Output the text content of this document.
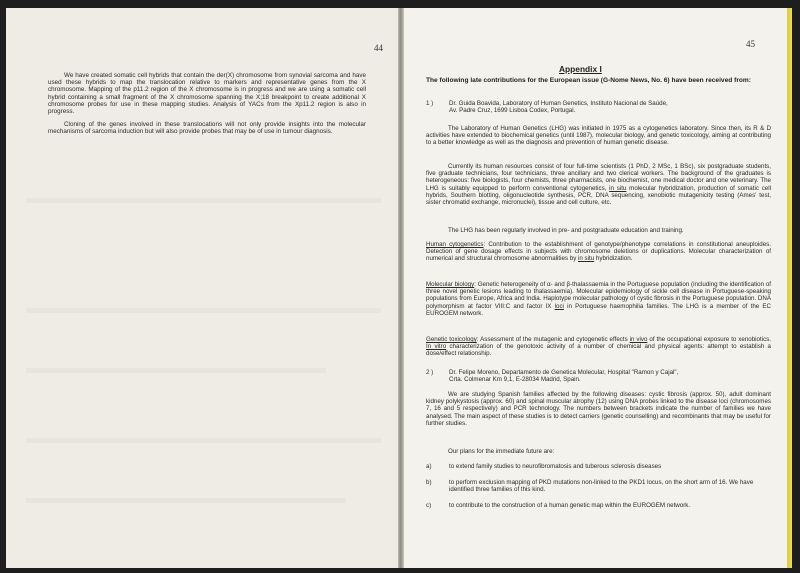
44

We have created somatic cell hybrids that contain the der(X) chromosome from synovial sarcoma and have used these hybrids to map the translocation relative to markers and representative genes from the X chromosome. Mapping of the p11.2 region of the X chromosome is in progress and we are using a somatic cell hybrid containing a small fragment of the X chromosome spanning the X;18 breakpoint to create additional X chromosome probes for use in these mapping studies. Analysis of YACs from the Xp11.2 region is also in progress.

Cloning of the genes involved in these translocations will not only provide insights into the molecular mechanisms of sarcoma induction but will also provide probes that may be of use in tumour diagnosis.

45
Appendix I
The following late contributions for the European issue (G-Nome News, No. 6) have been received from:
1 )	Dr. Guida Boavida, Laboratory of Human Genetics, Instituto Nacional de Saúde,
Av. Padre Cruz, 1699 Lisboa Codex, Portugal.
The Laboratory of Human Genetics (LHG) was initiated in 1975 as a cytogenetics laboratory. Since then, its R & D activities have extended to biochemical genetics (until 1987), molecular biology, and genetic toxicology, aiming at contributing to a better knowledge as well as the diagnosis and prevention of human genetic disease.
Currently its human resources consist of four full-time scientists (1 PhD, 2 MSc, 1 BSc), six postgraduate students, five graduate technicians, four technicians, three ancillary and two clerical workers. The background of the graduates is heterogeneous: five biologists, four chemists, three pharmacists, one biochemist, one medical doctor and one veterinary. The LHG is suitably equipped to perform conventional cytogenetics, in situ molecular hybridization, production of somatic cell hybrids, Southern blotting, oligonucleotide synthesis, PCR, DNA sequencing, xenobiotic mutagenicity testing (Ames' test, sister chromatid exchange, micronuclei), tissue and cell culture, etc.
The LHG has been regularly involved in pre- and postgraduate education and training.
Human cytogenetics: Contribution to the establishment of genotype/phenotype correlations in constitutional aneuploides. Detection of gene dosage effects in subjects with chromosome deletions or duplications. Molecular characterization of numerical and structural chromosome abnormalities by in situ hybridization.
Molecular biology: Genetic heterogeneity of α- and β-thalassaemia in the Portuguese population (including the identification of three novel genetic lesions leading to thalassaemia). Molecular epidemiology of sickle cell disease in Portuguese-speaking populations from Europe, Africa and India. Haplotype molecular pathology of cystic fibrosis in the Portuguese population. DNA polymorphism at factor VIII:C and factor IX loci in Portuguese haemophilia families. The LHG is a member of the EC EUROGEM network.
Genetic toxicology: Assessment of the mutagenic and cytogenetic effects in vivo of the occupational exposure to xenobiotics. In vitro characterization of the genotoxic activity of a number of chemical and physical agents: attempt to establish a dose/effect relationship.
2 )	Dr. Felipe Moreno, Departamento de Genetica Molecular, Hospital "Ramon y Cajal",
Crta. Colmenar Km 9,1, E-28034 Madrid, Spain.
We are studying Spanish families affected by the following diseases: cystic fibrosis (approx. 50), adult dominant kidney polykystosis (approx. 60) and spinal muscular atrophy (12) using DNA probes linked to the disease loci (chromosomes 7, 16 and 5 respectively) and PCR technology. The numbers between brackets indicate the number of families we have analysed. The main aspect of these studies is to detect carriers (genetic counselling) and recombinants that may be useful for further studies.
Our plans for the immediate future are:
a)	to extend family studies to neurofibromatosis and tuberous sclerosis diseases
b)	to perform exclusion mapping of PKD mutations non-linked to the PKD1 locus, on the short arm of 16. We have identified three families of this kind.
c)	to contribute to the construction of a human genetic map within the EUROGEM network.
